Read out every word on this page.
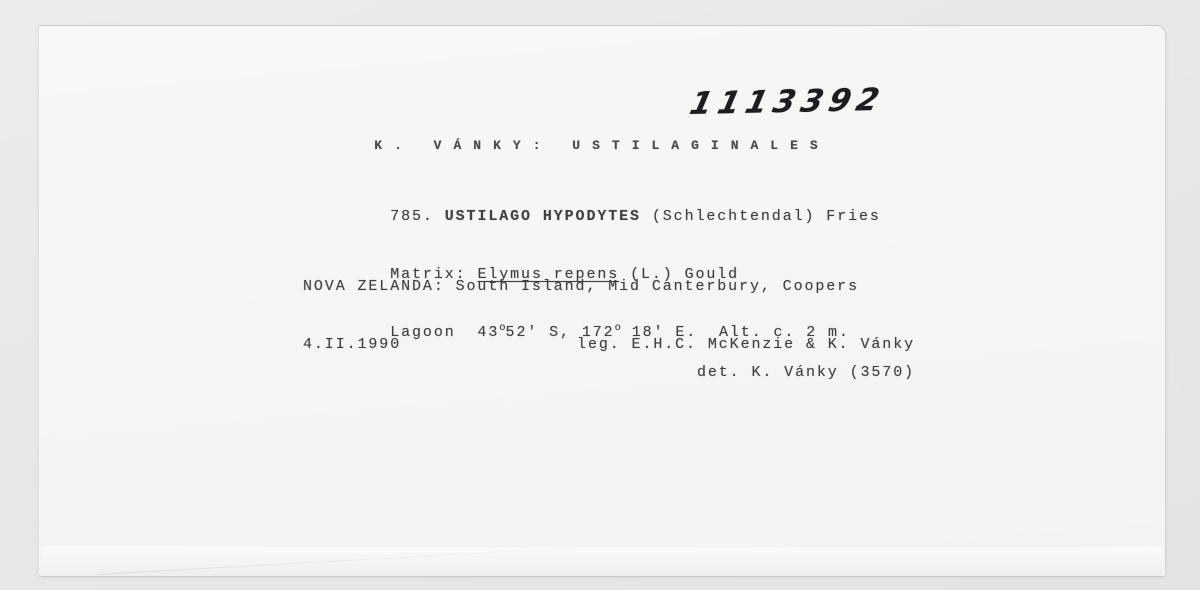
1113392
K. VÁNKY: USTILAGINALES

785. USTILAGO HYPODYTES (Schlechtendal) Fries

Matrix: Elymus repens (L.) Gould

NOVA ZELANDA: South Island, Mid Canterbury, Coopers

Lagoon  43o52' S, 172o 18' E.  Alt. c. 2 m.

4.II.1990	leg. E.H.C. McKenzie & K. Vánky
det. K. Vánky (3570)
